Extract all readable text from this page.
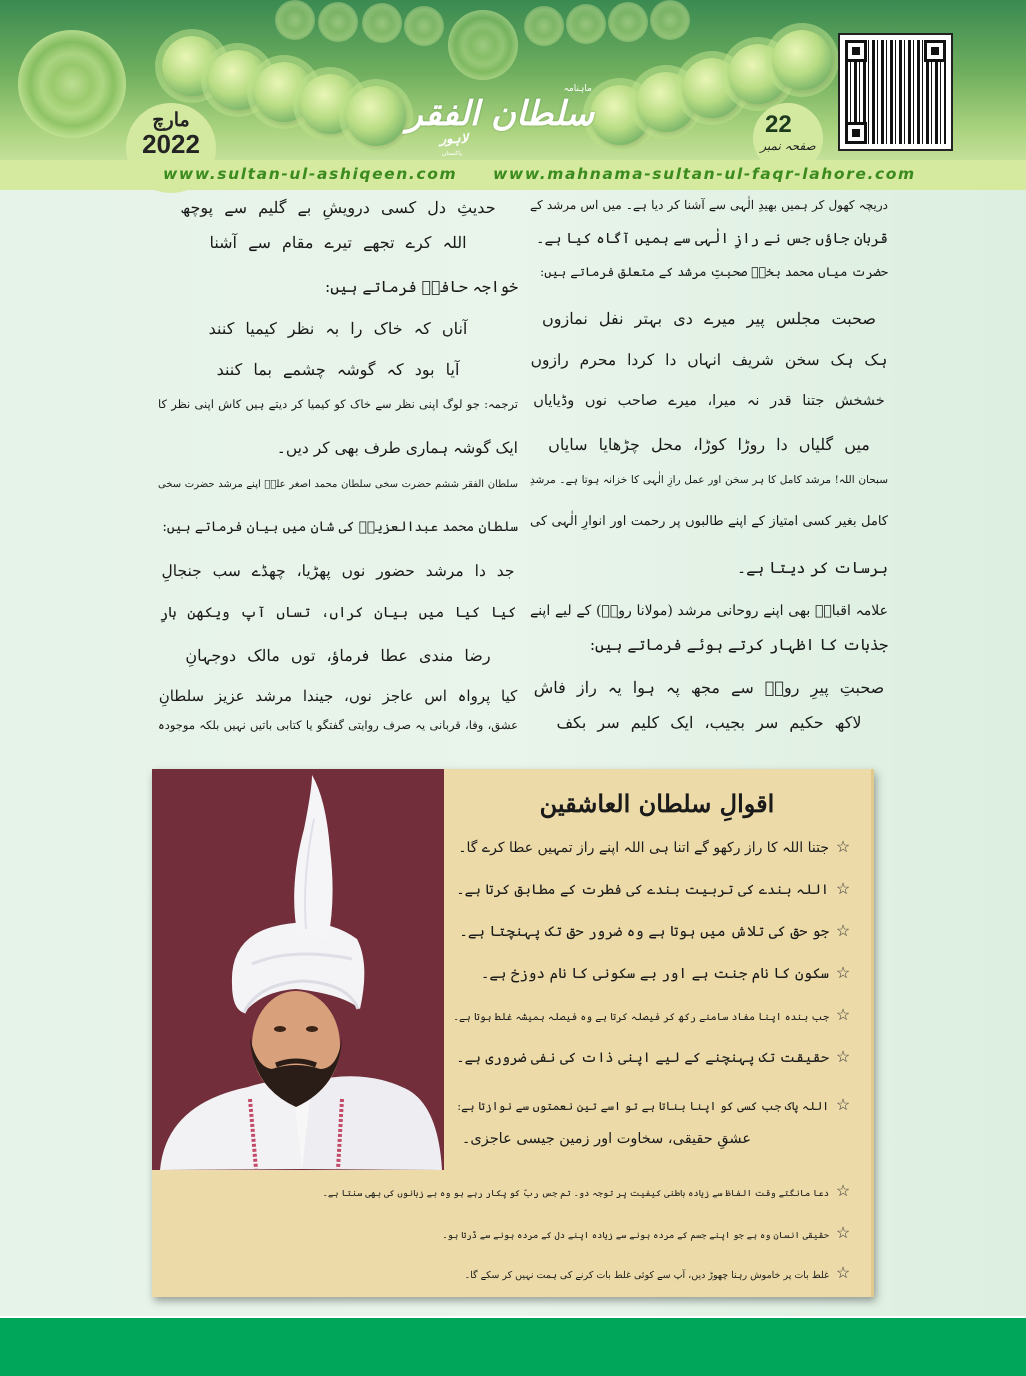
ماہنامہ
سلطان الفقر
لاہور
پاکستان
مارچ
2022
22
صفحہ نمبر
www.sultan-ul-ashiqeen.com www.mahnama-sultan-ul-faqr-lahore.com
دریچہ کھول کر ہمیں بھیدِ الٰہی سے آشنا کر دیا ہے۔ میں اس مرشد کے
قربان جاؤں جس نے رازِ الٰہی سے ہمیں آگاہ کیا ہے۔
حضرت میاں محمد بخشؒ صحبتِ مرشد کے متعلق فرماتے ہیں:
صحبت مجلس پیر میرے دی بہتر نفل نمازوں
ہک ہک سخن شریف انہاں دا کردا محرم رازوں
خشخش جتنا قدر نہ میرا، میرے صاحب نوں وڈیایاں
میں گلیاں دا روڑا کوڑا، محل چڑھایا سایاں
سبحان اللہ! مرشد کامل کا ہر سخن اور عمل رازِ الٰہی کا خزانہ ہوتا ہے۔ مرشدِ
کامل بغیر کسی امتیاز کے اپنے طالبوں پر رحمت اور انوارِ الٰہی کی
برسات کر دیتا ہے۔
علامہ اقبالؒ بھی اپنے روحانی مرشد (مولانا رومؒ) کے لیے اپنے
جذبات کا اظہار کرتے ہوئے فرماتے ہیں:
صحبتِ پیرِ رومؒ سے مجھ پہ ہوا یہ راز فاش
لاکھ حکیم سر بجیب، ایک کلیم سر بکف
حدیثِ دل کسی درویشِ بے گلیم سے پوچھ
اللہ کرے تجھے تیرے مقام سے آشنا
خواجہ حافظؒ فرماتے ہیں:
آناں کہ خاک را بہ نظر کیمیا کنند
آیا بود کہ گوشہ چشمے بما کنند
ترجمہ: جو لوگ اپنی نظر سے خاک کو کیمیا کر دیتے ہیں کاش اپنی نظر کا
ایک گوشہ ہماری طرف بھی کر دیں۔
سلطان الفقر ششم حضرت سخی سلطان محمد اصغر علیؒ اپنے مرشد حضرت سخی
سلطان محمد عبدالعزیزؒ کی شان میں بیان فرماتے ہیں:
جد دا مرشد حضور نوں پھڑیا، چھڈے سب جنجالِ
کیا کیا میں بیان کراں، تساں آپ ویکھن ہارِ
رضا مندی عطا فرماؤ، توں مالک دوجہانِ
کیا پرواہ اس عاجز نوں، جیندا مرشد عزیز سلطانِ
عشق، وفا، قربانی یہ صرف روایتی گفتگو یا کتابی باتیں نہیں بلکہ موجودہ
اقوالِ سلطان العاشقین
☆جتنا اللہ کا راز رکھو گے اتنا ہی اللہ اپنے راز تمہیں عطا کرے گا۔
☆اللہ بندے کی تربیت بندے کی فطرت کے مطابق کرتا ہے۔
☆جو حق کی تلاش میں ہوتا ہے وہ ضرور حق تک پہنچتا ہے۔
☆سکون کا نام جنت ہے اور بے سکونی کا نام دوزخ ہے۔
☆جب بندہ اپنا مفاد سامنے رکھ کر فیصلہ کرتا ہے وہ فیصلہ ہمیشہ غلط ہوتا ہے۔
☆حقیقت تک پہنچنے کے لیے اپنی ذات کی نفی ضروری ہے۔
☆اللہ پاک جب کسی کو اپنا بناتا ہے تو اسے تین نعمتوں سے نوازتا ہے:
عشقِ حقیقی، سخاوت اور زمین جیسی عاجزی۔
☆دعا مانگتے وقت الفاظ سے زیادہ باطنی کیفیت پر توجہ دو۔ تم جس ربّ کو پکار رہے ہو وہ بے زبانوں کی بھی سنتا ہے۔
☆حقیقی انسان وہ ہے جو اپنے جسم کے مردہ ہونے سے زیادہ اپنے دل کے مردہ ہونے سے ڈرتا ہو۔
☆غلط بات پر خاموش رہنا چھوڑ دیں، آپ سے کوئی غلط بات کرنے کی ہمت نہیں کر سکے گا۔
